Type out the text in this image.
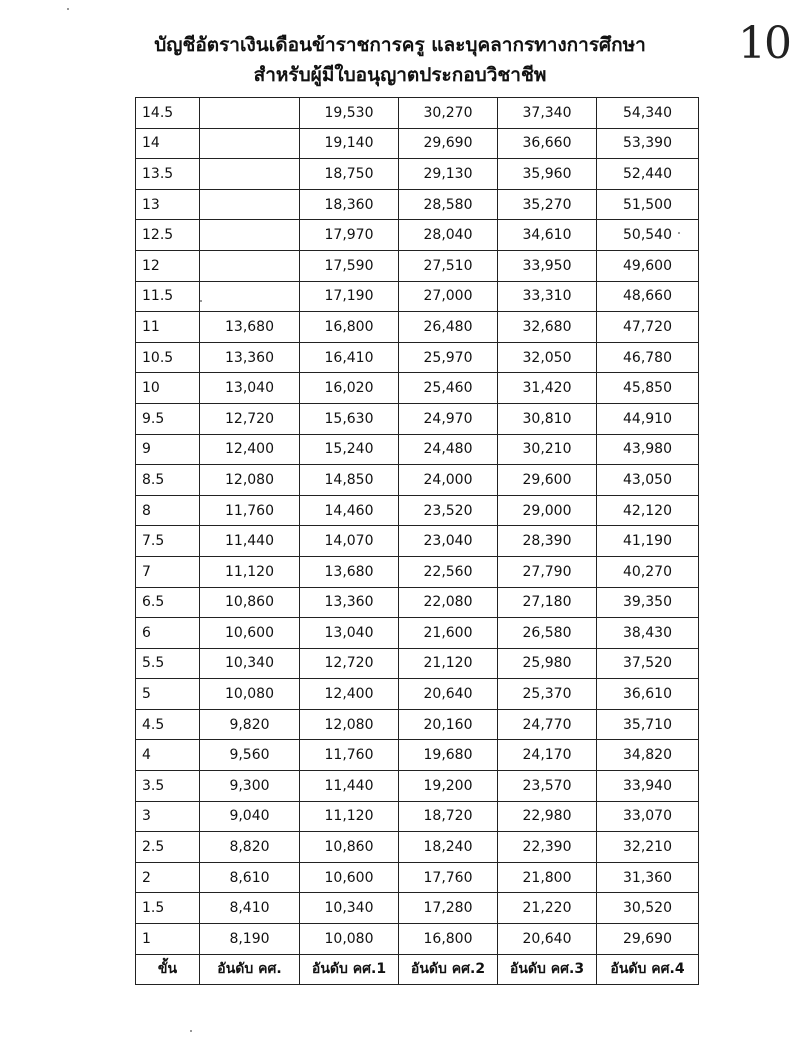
บัญชีอัตราเงินเดือนข้าราชการครู และบุคลากรทางการศึกษา
สำหรับผู้มีใบอนุญาตประกอบวิชาชีพ
10
14.5		19,530	30,270	37,340	54,340
14		19,140	29,690	36,660	53,390
13.5		18,750	29,130	35,960	52,440
13		18,360	28,580	35,270	51,500
12.5		17,970	28,040	34,610	50,540
12		17,590	27,510	33,950	49,600
11.5		17,190	27,000	33,310	48,660
11	13,680	16,800	26,480	32,680	47,720
10.5	13,360	16,410	25,970	32,050	46,780
10	13,040	16,020	25,460	31,420	45,850
9.5	12,720	15,630	24,970	30,810	44,910
9	12,400	15,240	24,480	30,210	43,980
8.5	12,080	14,850	24,000	29,600	43,050
8	11,760	14,460	23,520	29,000	42,120
7.5	11,440	14,070	23,040	28,390	41,190
7	11,120	13,680	22,560	27,790	40,270
6.5	10,860	13,360	22,080	27,180	39,350
6	10,600	13,040	21,600	26,580	38,430
5.5	10,340	12,720	21,120	25,980	37,520
5	10,080	12,400	20,640	25,370	36,610
4.5	9,820	12,080	20,160	24,770	35,710
4	9,560	11,760	19,680	24,170	34,820
3.5	9,300	11,440	19,200	23,570	33,940
3	9,040	11,120	18,720	22,980	33,070
2.5	8,820	10,860	18,240	22,390	32,210
2	8,610	10,600	17,760	21,800	31,360
1.5	8,410	10,340	17,280	21,220	30,520
1	8,190	10,080	16,800	20,640	29,690
ขั้น	อันดับ คศ.	อันดับ คศ.1	อันดับ คศ.2	อันดับ คศ.3	อันดับ คศ.4
